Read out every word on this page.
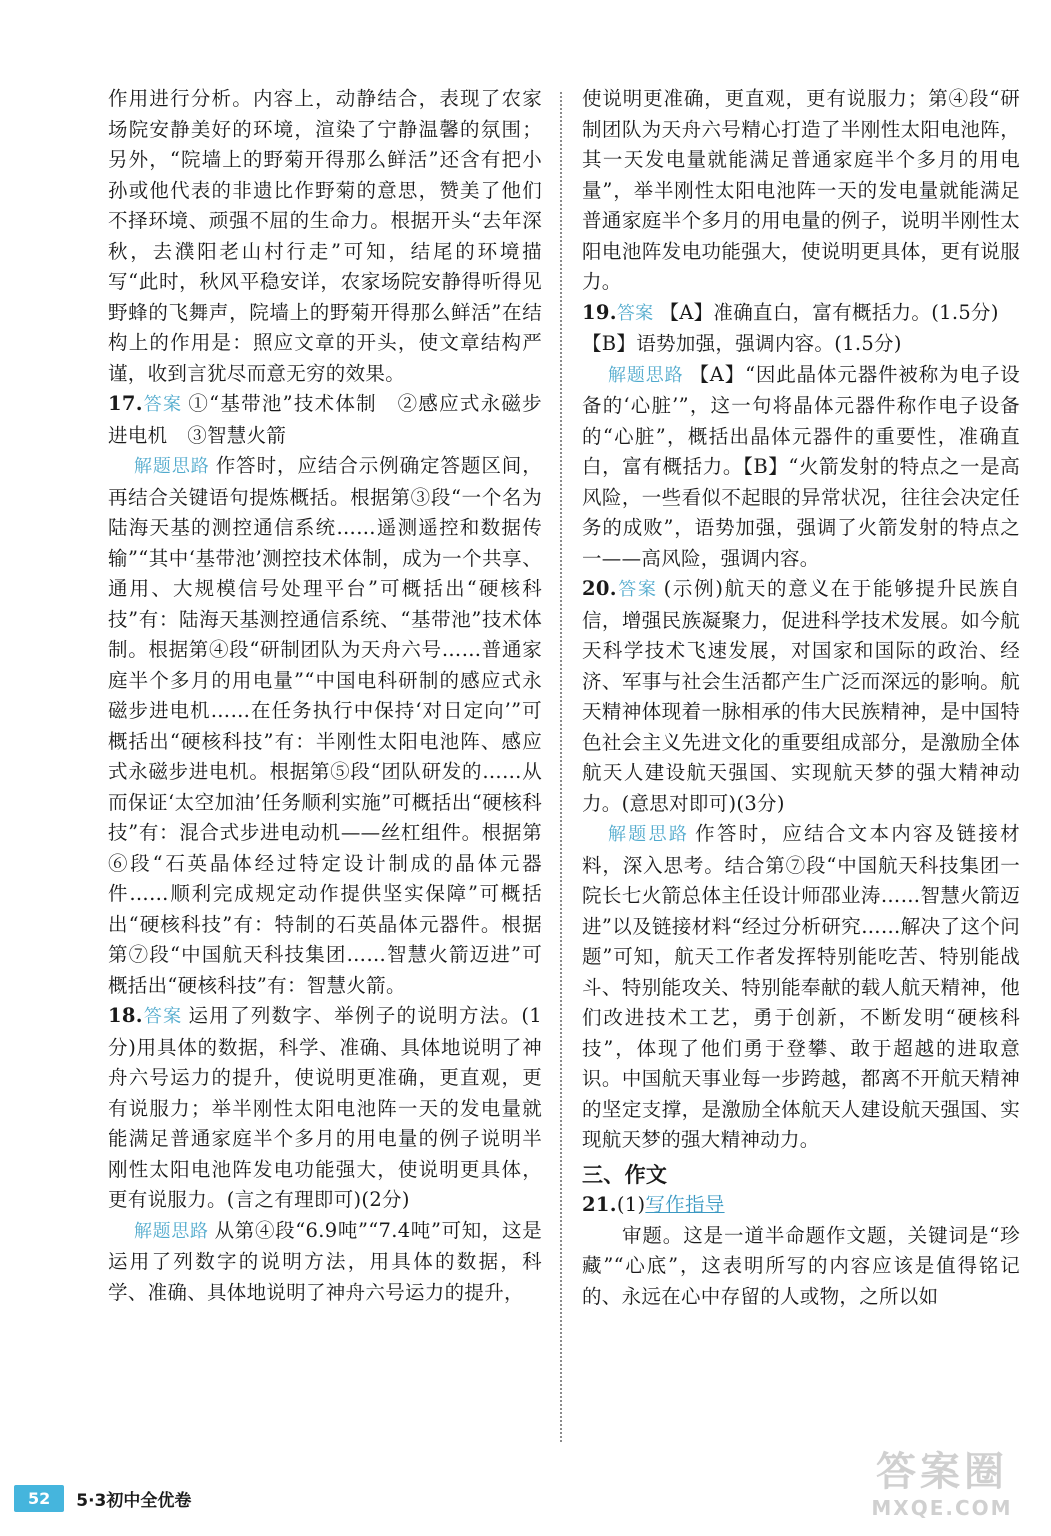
作用进行分析。内容上，动静结合，表现了农家场院安静美好的环境，渲染了宁静温馨的氛围；另外，“院墙上的野菊开得那么鲜活”还含有把小孙或他代表的非遗比作野菊的意思，赞美了他们不择环境、顽强不屈的生命力。根据开头“去年深秋，去濮阳老山村行走”可知，结尾的环境描写“此时，秋风平稳安详，农家场院安静得听得见野蜂的飞舞声，院墙上的野菊开得那么鲜活”在结构上的作用是：照应文章的开头，使文章结构严谨，收到言犹尽而意无穷的效果。

17.答案 ①“基带池”技术体制　②感应式永磁步进电机　③智慧火箭

解题思路 作答时，应结合示例确定答题区间，再结合关键语句提炼概括。根据第③段“一个名为陆海天基的测控通信系统……遥测遥控和数据传输”“其中‘基带池’测控技术体制，成为一个共享、通用、大规模信号处理平台”可概括出“硬核科技”有：陆海天基测控通信系统、“基带池”技术体制。根据第④段“研制团队为天舟六号……普通家庭半个多月的用电量”“中国电科研制的感应式永磁步进电机……在任务执行中保持‘对日定向’”可概括出“硬核科技”有：半刚性太阳电池阵、感应式永磁步进电机。根据第⑤段“团队研发的……从而保证‘太空加油’任务顺利实施”可概括出“硬核科技”有：混合式步进电动机——丝杠组件。根据第⑥段“石英晶体经过特定设计制成的晶体元器件……顺利完成规定动作提供坚实保障”可概括出“硬核科技”有：特制的石英晶体元器件。根据第⑦段“中国航天科技集团……智慧火箭迈进”可概括出“硬核科技”有：智慧火箭。

18.答案 运用了列数字、举例子的说明方法。(1分)用具体的数据，科学、准确、具体地说明了神舟六号运力的提升，使说明更准确，更直观，更有说服力；举半刚性太阳电池阵一天的发电量就能满足普通家庭半个多月的用电量的例子说明半刚性太阳电池阵发电功能强大，使说明更具体，更有说服力。(言之有理即可)(2分)

解题思路 从第④段“6.9吨”“7.4吨”可知，这是运用了列数字的说明方法，用具体的数据，科学、准确、具体地说明了神舟六号运力的提升，

使说明更准确，更直观，更有说服力；第④段“研制团队为天舟六号精心打造了半刚性太阳电池阵，其一天发电量就能满足普通家庭半个多月的用电量”，举半刚性太阳电池阵一天的发电量就能满足普通家庭半个多月的用电量的例子，说明半刚性太阳电池阵发电功能强大，使说明更具体，更有说服力。

19.答案 【A】准确直白，富有概括力。(1.5分)

【B】语势加强，强调内容。(1.5分)

解题思路 【A】“因此晶体元器件被称为电子设备的‘心脏’”，这一句将晶体元器件称作电子设备的“心脏”，概括出晶体元器件的重要性，准确直白，富有概括力。【B】“火箭发射的特点之一是高风险，一些看似不起眼的异常状况，往往会决定任务的成败”，语势加强，强调了火箭发射的特点之一——高风险，强调内容。

20.答案 (示例)航天的意义在于能够提升民族自信，增强民族凝聚力，促进科学技术发展。如今航天科学技术飞速发展，对国家和国际的政治、经济、军事与社会生活都产生广泛而深远的影响。航天精神体现着一脉相承的伟大民族精神，是中国特色社会主义先进文化的重要组成部分，是激励全体航天人建设航天强国、实现航天梦的强大精神动力。(意思对即可)(3分)

解题思路 作答时，应结合文本内容及链接材料，深入思考。结合第⑦段“中国航天科技集团一院长七火箭总体主任设计师邵业涛……智慧火箭迈进”以及链接材料“经过分析研究……解决了这个问题”可知，航天工作者发挥特别能吃苦、特别能战斗、特别能攻关、特别能奉献的载人航天精神，他们改进技术工艺，勇于创新，不断发明“硬核科技”，体现了他们勇于登攀、敢于超越的进取意识。中国航天事业每一步跨越，都离不开航天精神的坚定支撑，是激励全体航天人建设航天强国、实现航天梦的强大精神动力。

三、作文

21.(1)写作指导

审题。这是一道半命题作文题，关键词是“珍藏”“心底”，这表明所写的内容应该是值得铭记的、永远在心中存留的人或物，之所以如

52	5·3初中全优卷
答案圈
MXQE.COM
